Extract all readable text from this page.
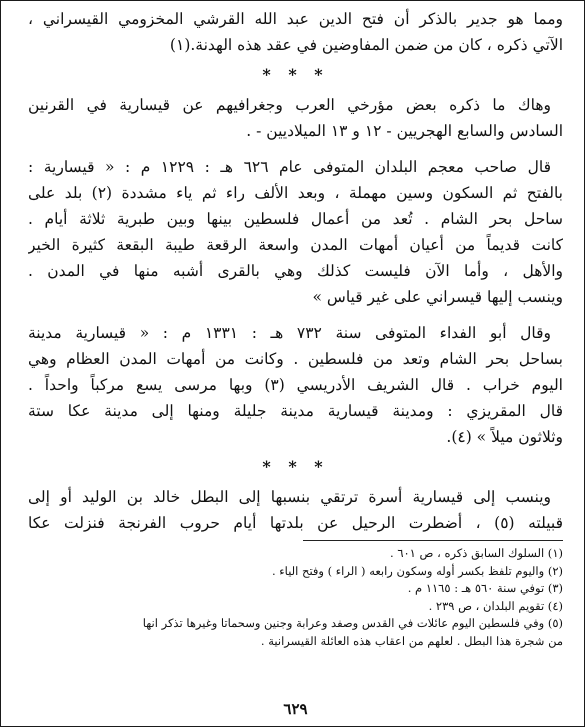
ومما هو جدير بالذكر أن فتح الدين عبد الله القرشي المخزومي القيسراني ،
الآتي ذكره ، كان من ضمن المفاوضين في عقد هذه الهدنة.(١)
* * *
وهاك ما ذكره بعض مؤرخي العرب وجغرافيهم عن قيسارية في القرنين
السادس والسابع الهجريين - ١٢ و ١٣ الميلاديين - .
قال صاحب معجم البلدان المتوفى عام ٦٢٦ هـ : ١٢٢٩ م : « قيسارية :
بالفتح ثم السكون وسين مهملة ، وبعد الألف راء ثم ياء مشددة (٢) بلد على
ساحل بحر الشام . تُعد من أعمال فلسطين بينها وبين طبرية ثلاثة أيام .
كانت قديماً من أعيان أمهات المدن واسعة الرقعة طيبة البقعة كثيرة الخير
والأهل ، وأما الآن فليست كذلك وهي بالقرى أشبه منها في المدن .
وينسب إليها قيسراني على غير قياس »
وقال أبو الفداء المتوفى سنة ٧٣٢ هـ : ١٣٣١ م : « قيسارية مدينة
بساحل بحر الشام وتعد من فلسطين . وكانت من أمهات المدن العظام وهي
اليوم خراب . قال الشريف الأدريسي (٣) وبها مرسى يسع مركباً واحداً .
قال المقريزي : ومدينة قيسارية مدينة جليلة ومنها إلى مدينة عكا ستة
وثلاثون ميلاً » (٤).
* * *
وينسب إلى قيسارية أسرة ترتقي بنسبها إلى البطل خالد بن الوليد أو إلى
قبيلته (٥) ، أضطرت الرحيل عن بلدتها أيام حروب الفرنجة فنزلت عكا
(١) السلوك السابق ذكره ، ص ٦٠١ .
(٢) واليوم تلفظ بكسر أوله وسكون رابعه ( الراء ) وفتح الياء .
(٣) توفي سنة ٥٦٠ هـ : ١١٦٥ م .
(٤) تقويم البلدان ، ص ٢٣٩ .
(٥) وفي فلسطين اليوم عائلات في القدس وصفد وعرابة وجنين وسحماتا وغيرها تذكر انها
من شجرة هذا البطل . لعلهم من اعقاب هذه العائلة القيسرانية .
٦٢٩
